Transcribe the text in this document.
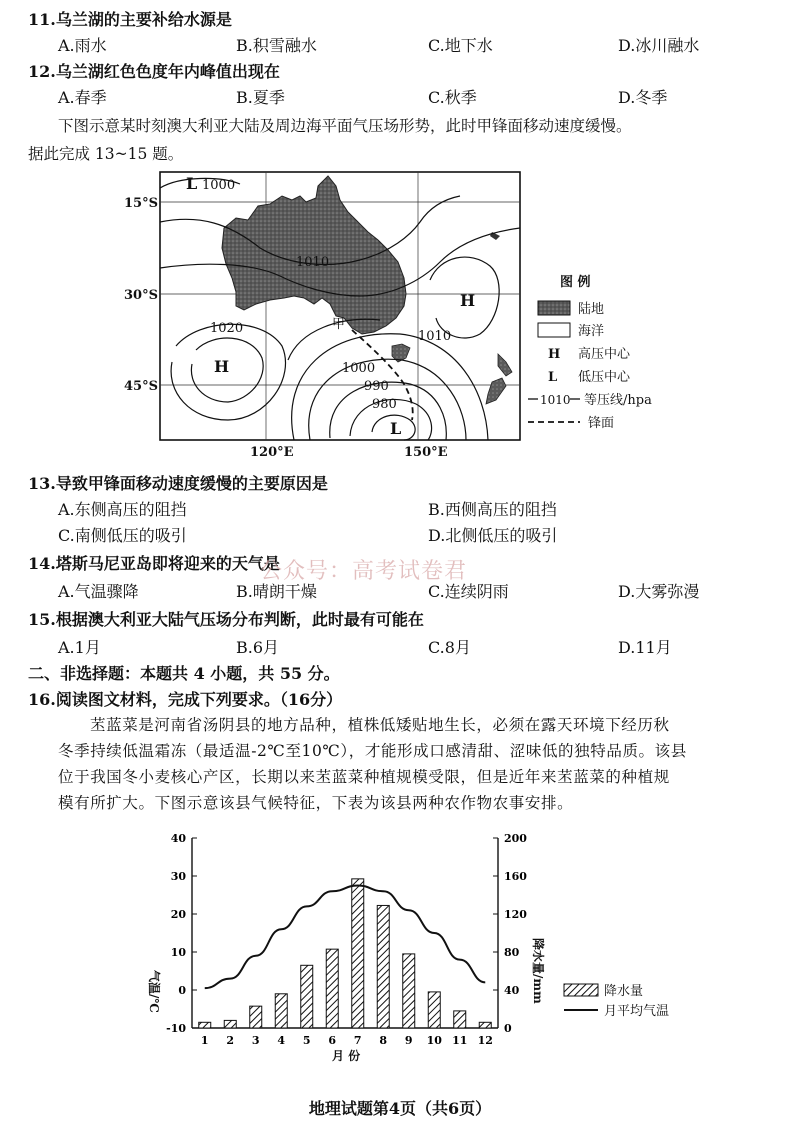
11.乌兰湖的主要补给水源是
A.雨水	B.积雪融水	C.地下水	D.冰川融水
12.乌兰湖红色色度年内峰值出现在
A.春季	B.夏季	C.秋季	D.冬季
下图示意某时刻澳大利亚大陆及周边海平面气压场形势，此时甲锋面移动速度缓慢。
据此完成 13~15 题。
L 1000
1010
1020
1010
1000
990
980
H
H
L
甲
15°S
30°S
45°S
120°E	150°E
图 例
陆地
海洋
H 高压中心
L 低压中心
1010 等压线/hpa
锋面
13.导致甲锋面移动速度缓慢的主要原因是
A.东侧高压的阻挡	B.西侧高压的阻挡
C.南侧低压的吸引	D.北侧低压的吸引
14.塔斯马尼亚岛即将迎来的天气是
公众号：高考试卷君
A.气温骤降	B.晴朗干燥	C.连续阴雨	D.大雾弥漫
15.根据澳大利亚大陆气压场分布判断，此时最有可能在
A.1月	B.6月	C.8月	D.11月
二、非选择题：本题共 4 小题，共 55 分。
16.阅读图文材料，完成下列要求。（16分）
苤蓝菜是河南省汤阴县的地方品种，植株低矮贴地生长，必须在露天环境下经历秋
冬季持续低温霜冻（最适温-2℃至10℃），才能形成口感清甜、涩味低的独特品质。该县
位于我国冬小麦核心产区，长期以来苤蓝菜种植规模受限，但是近年来苤蓝菜的种植规
模有所扩大。下图示意该县气候特征，下表为该县两种农作物农事安排。
40
30
20
10
0
-10
200
160
120
80
40
0
1 2 3 4 5 6 7 8 9 10 11 12
气温/℃	降水量/mm
月 份
降水量
月平均气温
地理试题第4页（共6页）
